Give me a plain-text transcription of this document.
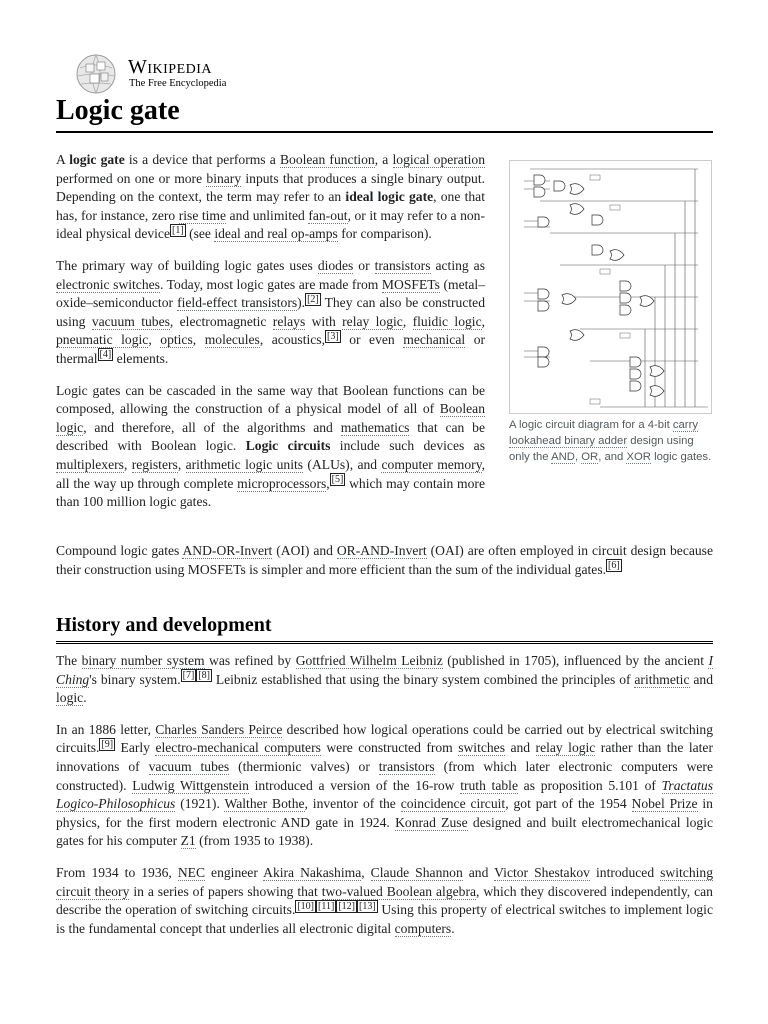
Wikipedia
The Free Encyclopedia
Logic gate

A logic gate is a device that performs a Boolean function, a logical operation performed on one or more binary inputs that produces a single binary output. Depending on the context, the term may refer to an ideal logic gate, one that has, for instance, zero rise time and unlimited fan-out, or it may refer to a non-ideal physical device [1] (see ideal and real op-amps for comparison).

The primary way of building logic gates uses diodes or transistors acting as electronic switches. Today, most logic gates are made from MOSFETs (metal–oxide–semiconductor field-effect transistors). [2] They can also be constructed using vacuum tubes, electromagnetic relays with relay logic, fluidic logic, pneumatic logic, optics, molecules, acoustics, [3] or even mechanical or thermal [4] elements.

Logic gates can be cascaded in the same way that Boolean functions can be composed, allowing the construction of a physical model of all of Boolean logic, and therefore, all of the algorithms and mathematics that can be described with Boolean logic. Logic circuits include such devices as multiplexers, registers, arithmetic logic units (ALUs), and computer memory, all the way up through complete microprocessors, [5] which may contain more than 100 million logic gates.

A logic circuit diagram for a 4-bit carry lookahead binary adder design using only the AND, OR, and XOR logic gates.

Compound logic gates AND-OR-Invert (AOI) and OR-AND-Invert (OAI) are often employed in circuit design because their construction using MOSFETs is simpler and more efficient than the sum of the individual gates. [6]

History and development

The binary number system was refined by Gottfried Wilhelm Leibniz (published in 1705), influenced by the ancient I Ching's binary system. [7] [8] Leibniz established that using the binary system combined the principles of arithmetic and logic.

In an 1886 letter, Charles Sanders Peirce described how logical operations could be carried out by electrical switching circuits. [9] Early electro-mechanical computers were constructed from switches and relay logic rather than the later innovations of vacuum tubes (thermionic valves) or transistors (from which later electronic computers were constructed). Ludwig Wittgenstein introduced a version of the 16-row truth table as proposition 5.101 of Tractatus Logico-Philosophicus (1921). Walther Bothe, inventor of the coincidence circuit, got part of the 1954 Nobel Prize in physics, for the first modern electronic AND gate in 1924. Konrad Zuse designed and built electromechanical logic gates for his computer Z1 (from 1935 to 1938).

From 1934 to 1936, NEC engineer Akira Nakashima, Claude Shannon and Victor Shestakov introduced switching circuit theory in a series of papers showing that two-valued Boolean algebra, which they discovered independently, can describe the operation of switching circuits. [10] [11] [12] [13] Using this property of electrical switches to implement logic is the fundamental concept that underlies all electronic digital computers.
